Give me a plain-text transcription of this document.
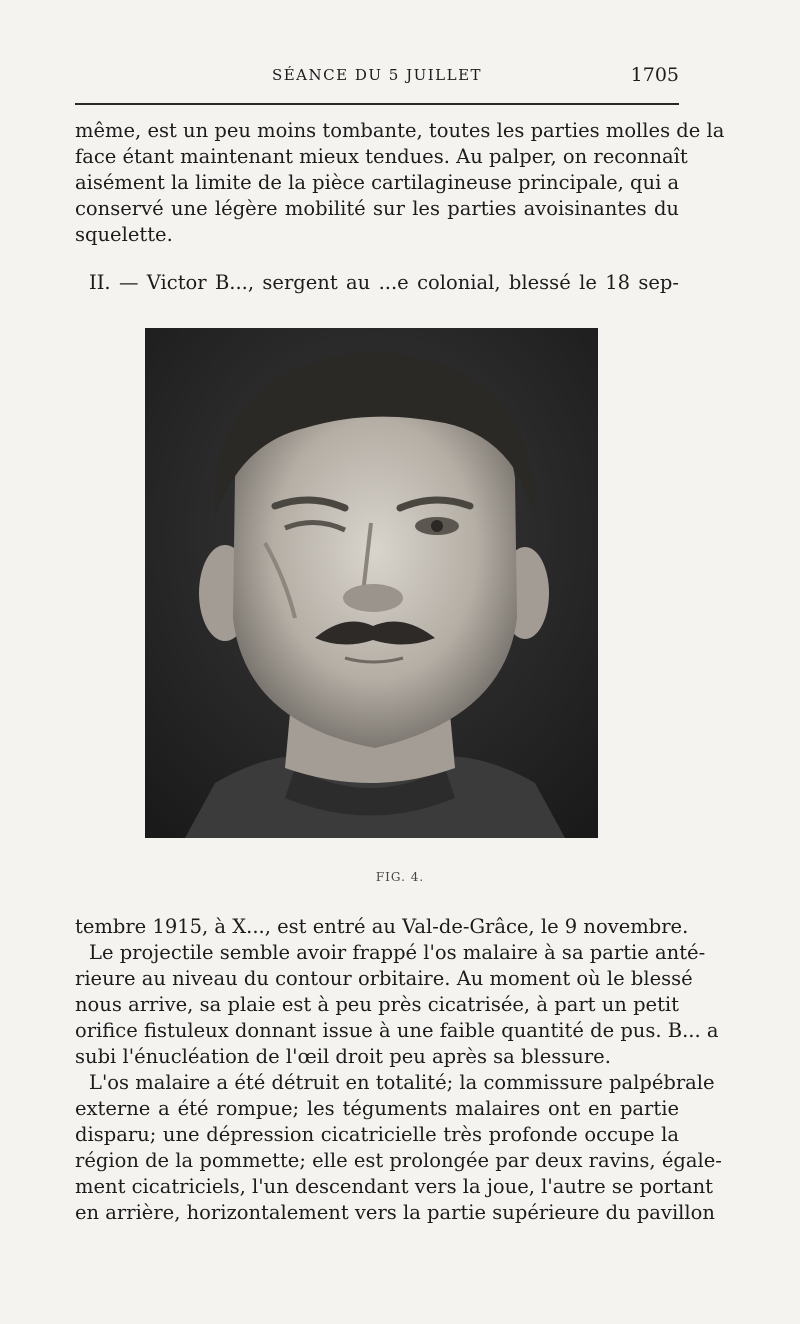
SÉANCE DU 5 JUILLET	1705

même, est un peu moins tombante, toutes les parties molles de la
face étant maintenant mieux tendues. Au palper, on reconnaît
aisément la limite de la pièce cartilagineuse principale, qui a
conservé une légère mobilité sur les parties avoisinantes du
squelette.

II. — Victor B..., sergent au ...e colonial, blessé le 18 sep-

FIG. 4.

tembre 1915, à X..., est entré au Val-de-Grâce, le 9 novembre.

Le projectile semble avoir frappé l'os malaire à sa partie anté-
rieure au niveau du contour orbitaire. Au moment où le blessé
nous arrive, sa plaie est à peu près cicatrisée, à part un petit
orifice fistuleux donnant issue à une faible quantité de pus. B... a
subi l'énucléation de l'œil droit peu après sa blessure.

L'os malaire a été détruit en totalité; la commissure palpébrale
externe a été rompue; les téguments malaires ont en partie
disparu; une dépression cicatricielle très profonde occupe la
région de la pommette; elle est prolongée par deux ravins, égale-
ment cicatriciels, l'un descendant vers la joue, l'autre se portant
en arrière, horizontalement vers la partie supérieure du pavillon
